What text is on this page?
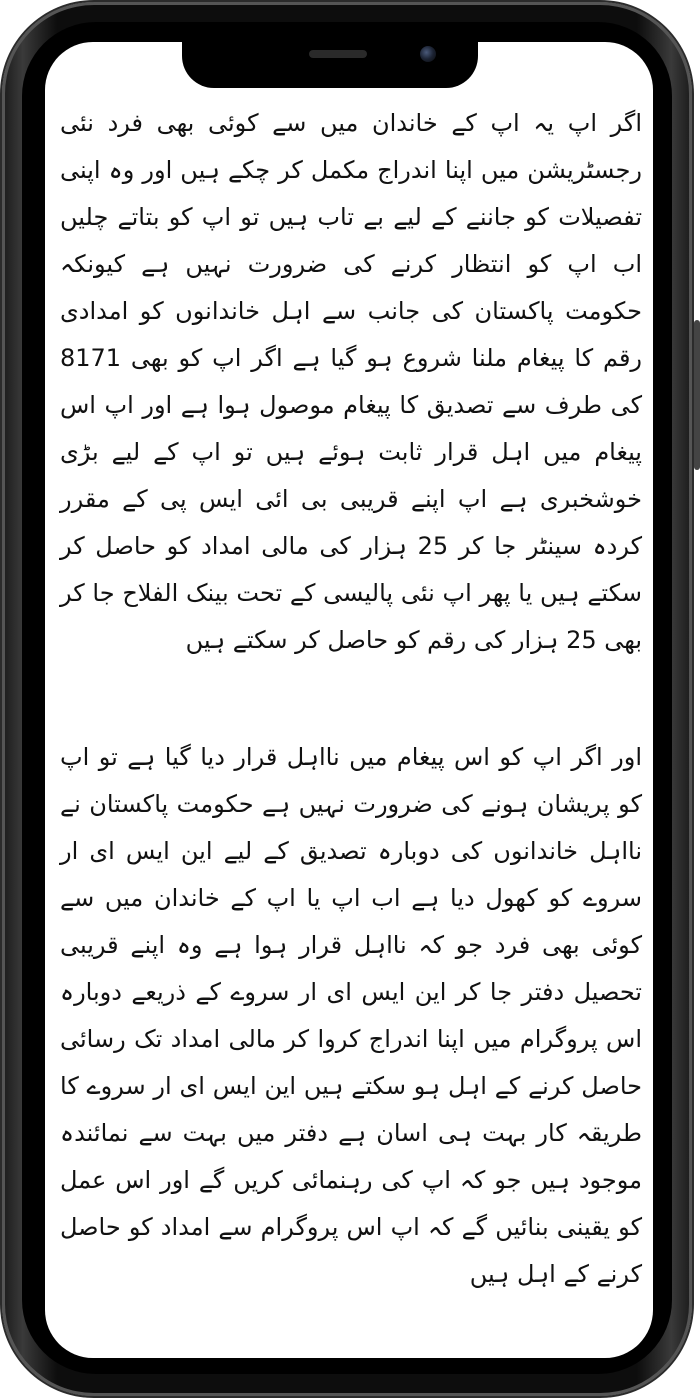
اگر اپ یہ اپ کے خاندان میں سے کوئی بھی فرد نئی رجسٹریشن میں اپنا اندراج مکمل کر چکے ہیں اور وہ اپنی تفصیلات کو جاننے کے لیے بے تاب ہیں تو اپ کو بتاتے چلیں اب اپ کو انتظار کرنے کی ضرورت نہیں ہے کیونکہ حکومت پاکستان کی جانب سے اہل خاندانوں کو امدادی رقم کا پیغام ملنا شروع ہو گیا ہے اگر اپ کو بھی 8171 کی طرف سے تصدیق کا پیغام موصول ہوا ہے اور اپ اس پیغام میں اہل قرار ثابت ہوئے ہیں تو اپ کے لیے بڑی خوشخبری ہے اپ اپنے قریبی بی ائی ایس پی کے مقرر کردہ سینٹر جا کر 25 ہزار کی مالی امداد کو حاصل کر سکتے ہیں یا پھر اپ نئی پالیسی کے تحت بینک الفلاح جا کر بھی 25 ہزار کی رقم کو حاصل کر سکتے ہیں

اور اگر اپ کو اس پیغام میں نااہل قرار دیا گیا ہے تو اپ کو پریشان ہونے کی ضرورت نہیں ہے حکومت پاکستان نے نااہل خاندانوں کی دوبارہ تصدیق کے لیے این ایس ای ار سروے کو کھول دیا ہے اب اپ یا اپ کے خاندان میں سے کوئی بھی فرد جو کہ نااہل قرار ہوا ہے وہ اپنے قریبی تحصیل دفتر جا کر این ایس ای ار سروے کے ذریعے دوبارہ اس پروگرام میں اپنا اندراج کروا کر مالی امداد تک رسائی حاصل کرنے کے اہل ہو سکتے ہیں این ایس ای ار سروے کا طریقہ کار بہت ہی اسان ہے دفتر میں بہت سے نمائندہ موجود ہیں جو کہ اپ کی رہنمائی کریں گے اور اس عمل کو یقینی بنائیں گے کہ اپ اس پروگرام سے امداد کو حاصل کرنے کے اہل ہیں
